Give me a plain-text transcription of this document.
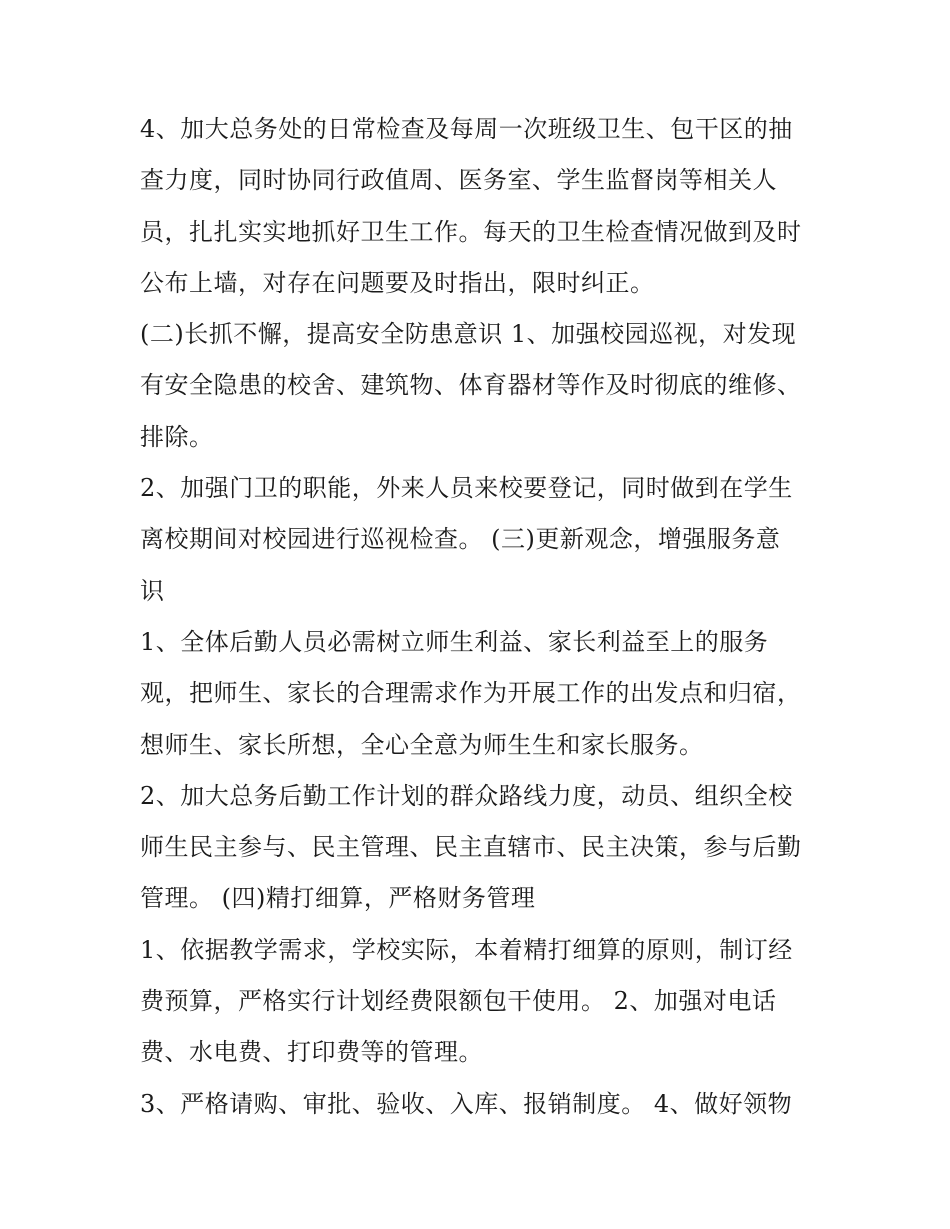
4、加大总务处的日常检查及每周一次班级卫生、包干区的抽
查力度，同时协同行政值周、医务室、学生监督岗等相关人
员，扎扎实实地抓好卫生工作。每天的卫生检查情况做到及时
公布上墙，对存在问题要及时指出，限时纠正。
(二)长抓不懈，提高安全防患意识 1、加强校园巡视，对发现
有安全隐患的校舍、建筑物、体育器材等作及时彻底的维修、
排除。
2、加强门卫的职能，外来人员来校要登记，同时做到在学生
离校期间对校园进行巡视检查。 (三)更新观念，增强服务意
识
1、全体后勤人员必需树立师生利益、家长利益至上的服务
观，把师生、家长的合理需求作为开展工作的出发点和归宿，
想师生、家长所想，全心全意为师生生和家长服务。
2、加大总务后勤工作计划的群众路线力度，动员、组织全校
师生民主参与、民主管理、民主直辖市、民主决策，参与后勤
管理。 (四)精打细算，严格财务管理
1、依据教学需求，学校实际，本着精打细算的原则，制订经
费预算，严格实行计划经费限额包干使用。 2、加强对电话
费、水电费、打印费等的管理。
3、严格请购、审批、验收、入库、报销制度。 4、做好领物
